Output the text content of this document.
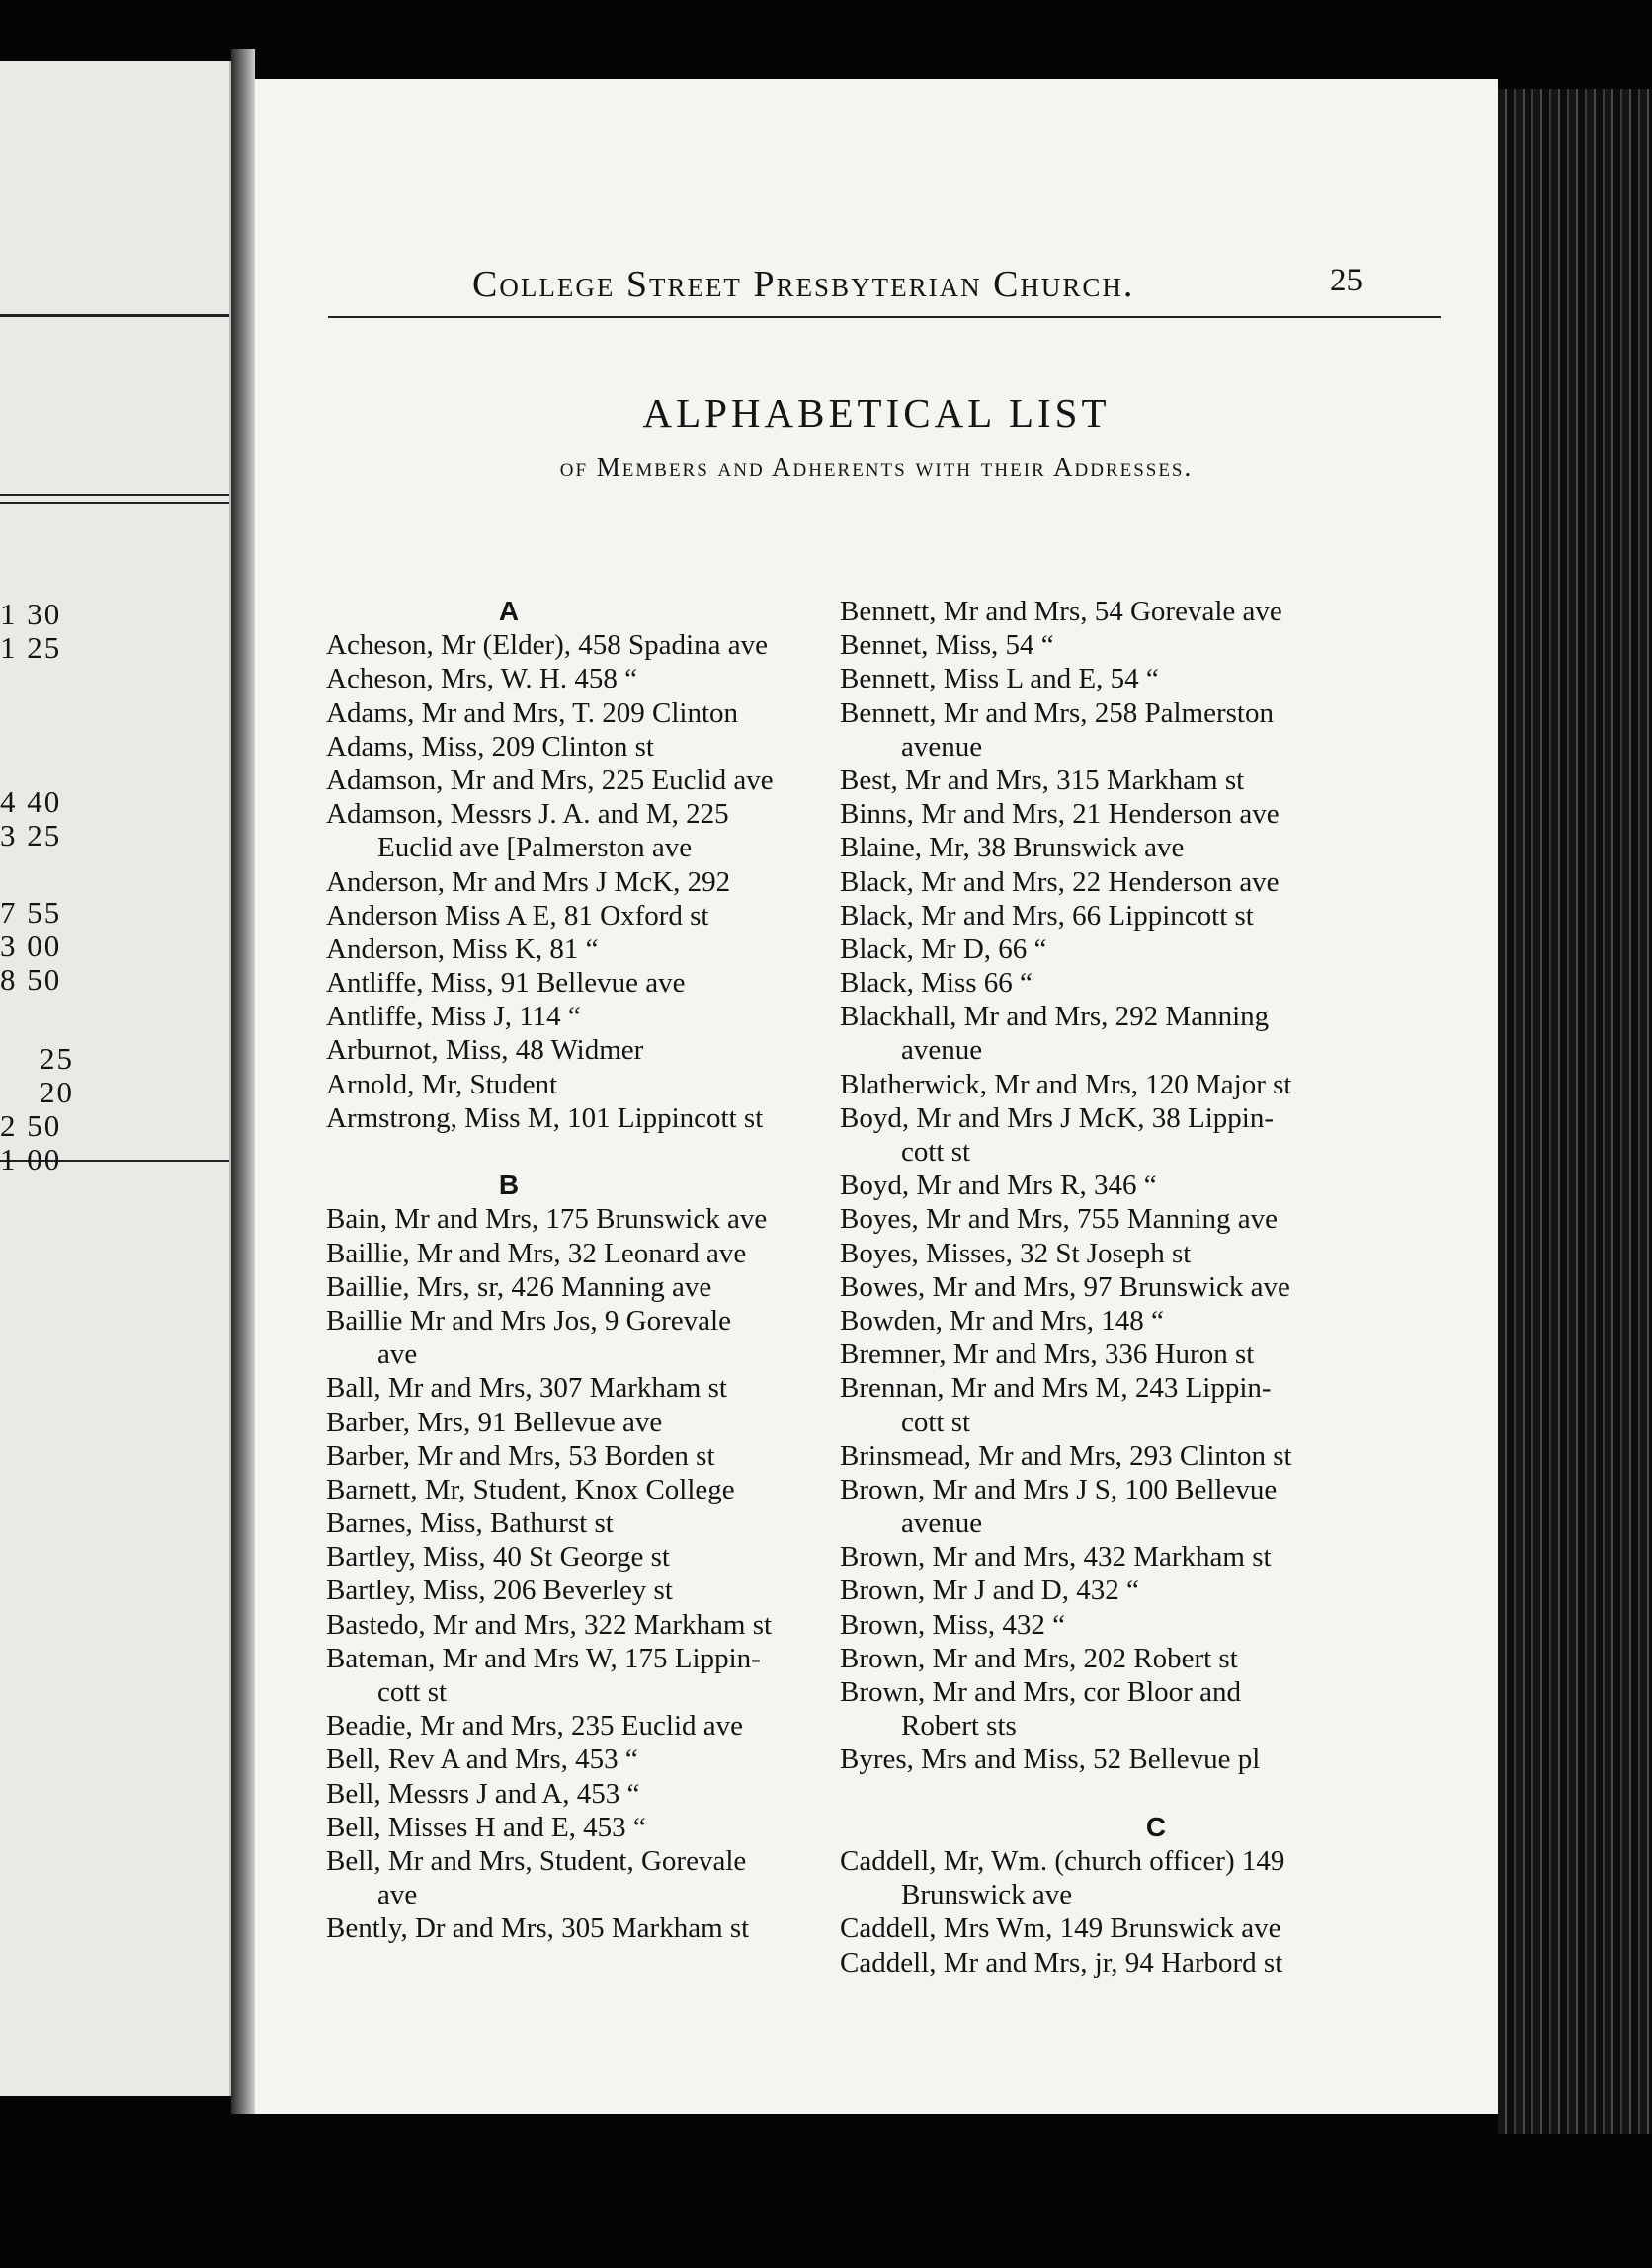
1 30
1 25
4 40
3 25
7 55
3 00
8 50
25
20
2 50
1 00
College Street Presbyterian Church.	25
ALPHABETICAL LIST
of Members and Adherents with their Addresses.
A
Acheson, Mr (Elder), 458 Spadina ave
Acheson, Mrs, W. H. 458 “
Adams, Mr and Mrs, T. 209 Clinton
Adams, Miss, 209 Clinton st
Adamson, Mr and Mrs, 225 Euclid ave
Adamson, Messrs J. A. and M, 225
Euclid ave [Palmerston ave
Anderson, Mr and Mrs J McK, 292
Anderson Miss A E, 81 Oxford st
Anderson, Miss K, 81 “
Antliffe, Miss, 91 Bellevue ave
Antliffe, Miss J, 114 “
Arburnot, Miss, 48 Widmer
Arnold, Mr, Student
Armstrong, Miss M, 101 Lippincott st
B
Bain, Mr and Mrs, 175 Brunswick ave
Baillie, Mr and Mrs, 32 Leonard ave
Baillie, Mrs, sr, 426 Manning ave
Baillie Mr and Mrs Jos, 9 Gorevale
ave
Ball, Mr and Mrs, 307 Markham st
Barber, Mrs, 91 Bellevue ave
Barber, Mr and Mrs, 53 Borden st
Barnett, Mr, Student, Knox College
Barnes, Miss, Bathurst st
Bartley, Miss, 40 St George st
Bartley, Miss, 206 Beverley st
Bastedo, Mr and Mrs, 322 Markham st
Bateman, Mr and Mrs W, 175 Lippin-
cott st
Beadie, Mr and Mrs, 235 Euclid ave
Bell, Rev A and Mrs, 453 “
Bell, Messrs J and A, 453 “
Bell, Misses H and E, 453 “
Bell, Mr and Mrs, Student, Gorevale
ave
Bently, Dr and Mrs, 305 Markham st
Bennett, Mr and Mrs, 54 Gorevale ave
Bennet, Miss, 54 “
Bennett, Miss L and E, 54 “
Bennett, Mr and Mrs, 258 Palmerston
avenue
Best, Mr and Mrs, 315 Markham st
Binns, Mr and Mrs, 21 Henderson ave
Blaine, Mr, 38 Brunswick ave
Black, Mr and Mrs, 22 Henderson ave
Black, Mr and Mrs, 66 Lippincott st
Black, Mr D, 66 “
Black, Miss 66 “
Blackhall, Mr and Mrs, 292 Manning
avenue
Blatherwick, Mr and Mrs, 120 Major st
Boyd, Mr and Mrs J McK, 38 Lippin-
cott st
Boyd, Mr and Mrs R, 346 “
Boyes, Mr and Mrs, 755 Manning ave
Boyes, Misses, 32 St Joseph st
Bowes, Mr and Mrs, 97 Brunswick ave
Bowden, Mr and Mrs, 148 “
Bremner, Mr and Mrs, 336 Huron st
Brennan, Mr and Mrs M, 243 Lippin-
cott st
Brinsmead, Mr and Mrs, 293 Clinton st
Brown, Mr and Mrs J S, 100 Bellevue
avenue
Brown, Mr and Mrs, 432 Markham st
Brown, Mr J and D, 432 “
Brown, Miss, 432 “
Brown, Mr and Mrs, 202 Robert st
Brown, Mr and Mrs, cor Bloor and
Robert sts
Byres, Mrs and Miss, 52 Bellevue pl
C
Caddell, Mr, Wm. (church officer) 149
Brunswick ave
Caddell, Mrs Wm, 149 Brunswick ave
Caddell, Mr and Mrs, jr, 94 Harbord st
